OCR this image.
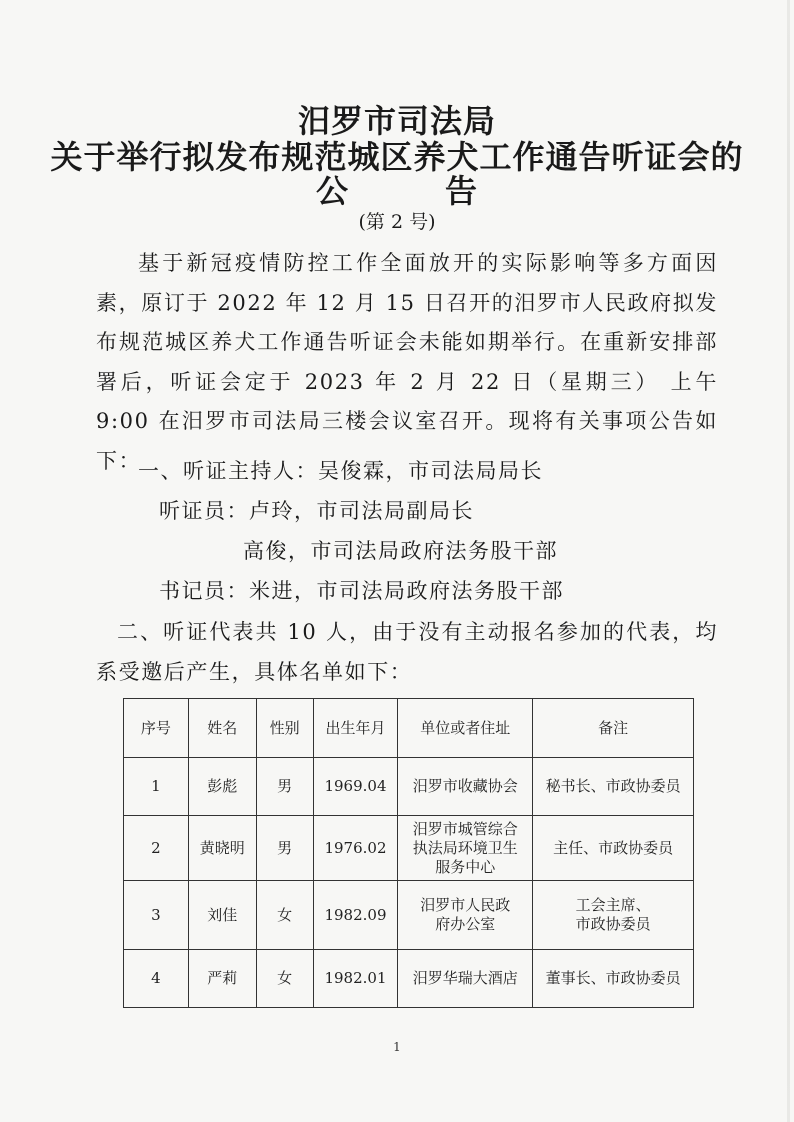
汨罗市司法局
关于举行拟发布规范城区养犬工作通告听证会的
公	告
(第 2 号)

基于新冠疫情防控工作全面放开的实际影响等多方面因素，原订于 2022 年 12 月 15 日召开的汨罗市人民政府拟发布规范城区养犬工作通告听证会未能如期举行。在重新安排部署后，听证会定于 2023 年 2 月 22 日（星期三） 上午 9:00 在汨罗市司法局三楼会议室召开。现将有关事项公告如下：

一、听证主持人：吴俊霖，市司法局局长
听证员：卢玲，市司法局副局长
高俊，市司法局政府法务股干部
书记员：米进，市司法局政府法务股干部

二、听证代表共 10 人，由于没有主动报名参加的代表，均系受邀后产生，具体名单如下：

序号	姓名	性别	出生年月	单位或者住址	备注
1	彭彪	男	1969.04	汨罗市收藏协会	秘书长、市政协委员
2	黄晓明	男	1976.02	汨罗市城管综合执法局环境卫生服务中心	主任、市政协委员
3	刘佳	女	1982.09	汨罗市人民政府办公室	工会主席、市政协委员
4	严莉	女	1982.01	汨罗华瑞大酒店	董事长、市政协委员
1
